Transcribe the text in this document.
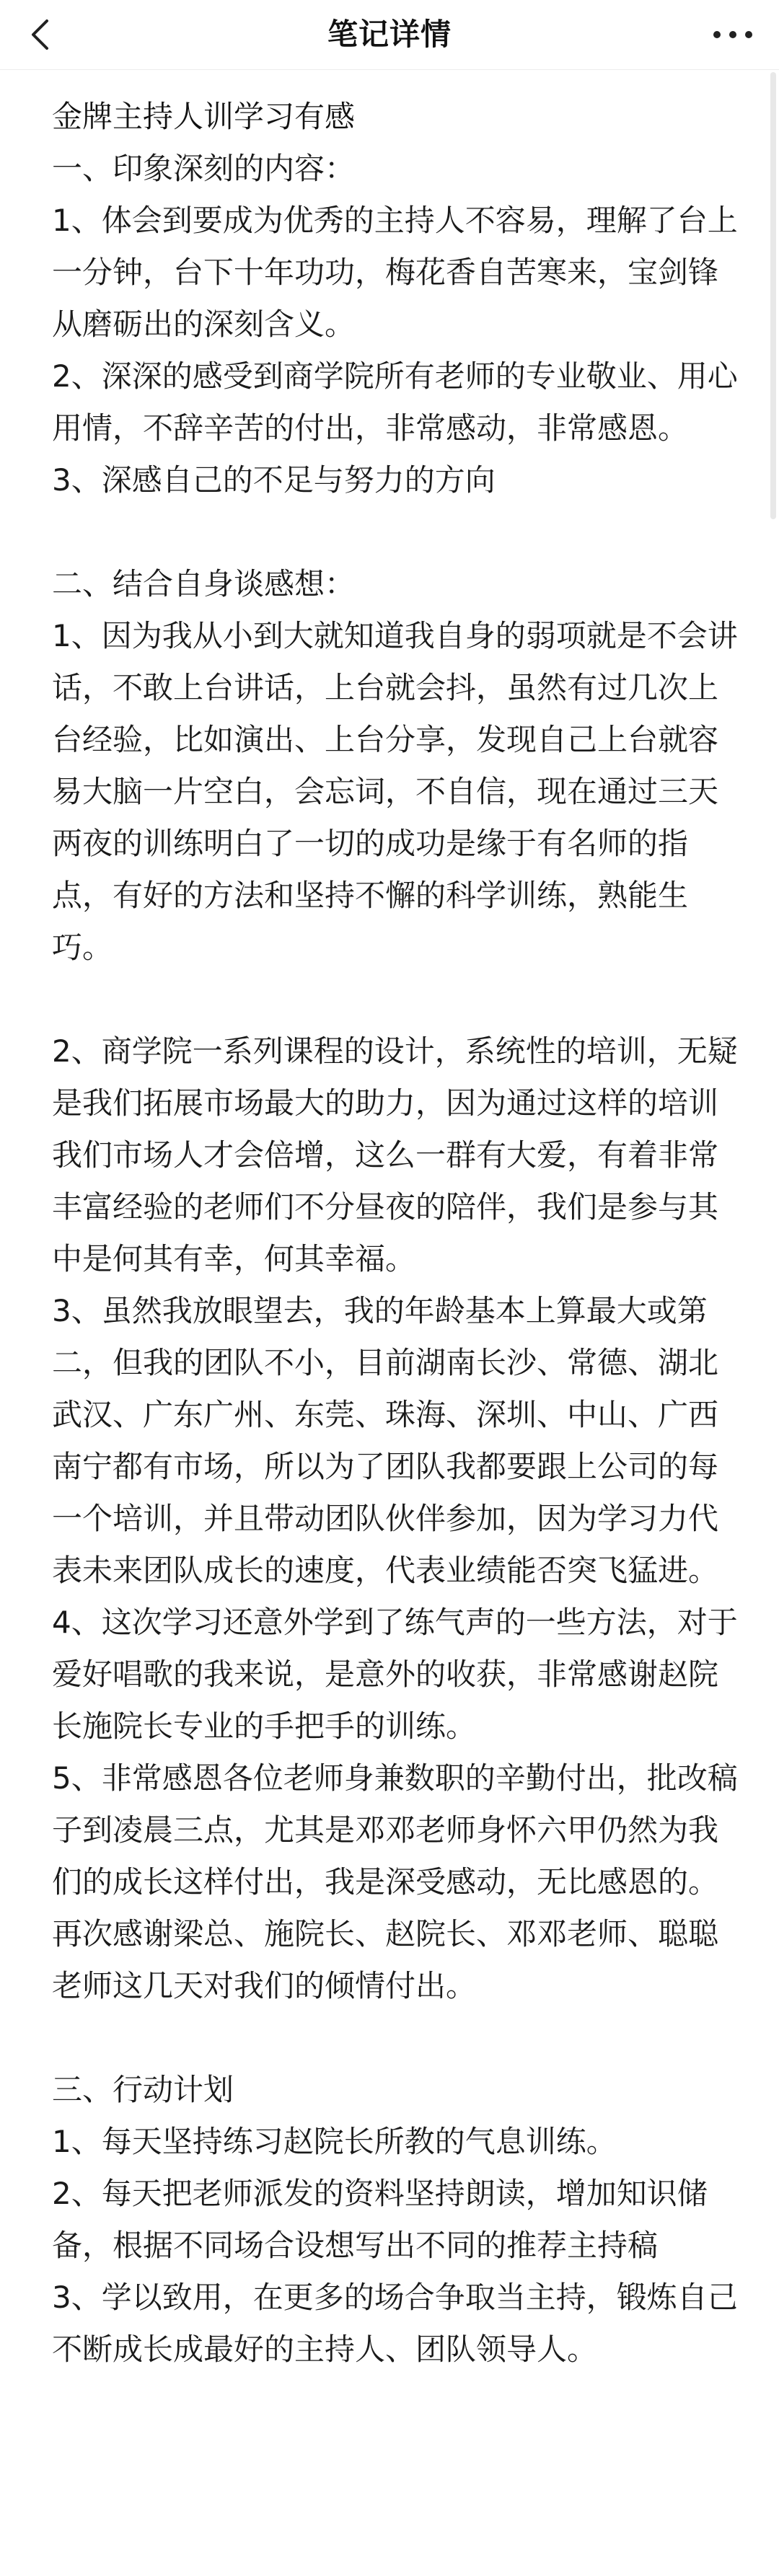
笔记详情
金牌主持人训学习有感
一、印象深刻的内容：
1、体会到要成为优秀的主持人不容易，理解了台上一分钟，台下十年功功，梅花香自苦寒来，宝剑锋从磨砺出的深刻含义。
2、深深的感受到商学院所有老师的专业敬业、用心用情，不辞辛苦的付出，非常感动，非常感恩。
3、深感自己的不足与努力的方向
二、结合自身谈感想：
1、因为我从小到大就知道我自身的弱项就是不会讲话，不敢上台讲话，上台就会抖，虽然有过几次上台经验，比如演出、上台分享，发现自己上台就容易大脑一片空白，会忘词，不自信，现在通过三天两夜的训练明白了一切的成功是缘于有名师的指点，有好的方法和坚持不懈的科学训练，熟能生巧。
2、商学院一系列课程的设计，系统性的培训，无疑是我们拓展市场最大的助力，因为通过这样的培训我们市场人才会倍增，这么一群有大爱，有着非常丰富经验的老师们不分昼夜的陪伴，我们是参与其中是何其有幸，何其幸福。
3、虽然我放眼望去，我的年龄基本上算最大或第二，但我的团队不小，目前湖南长沙、常德、湖北武汉、广东广州、东莞、珠海、深圳、中山、广西南宁都有市场，所以为了团队我都要跟上公司的每一个培训，并且带动团队伙伴参加，因为学习力代表未来团队成长的速度，代表业绩能否突飞猛进。
4、这次学习还意外学到了练气声的一些方法，对于爱好唱歌的我来说，是意外的收获，非常感谢赵院长施院长专业的手把手的训练。
5、非常感恩各位老师身兼数职的辛勤付出，批改稿子到凌晨三点，尤其是邓邓老师身怀六甲仍然为我们的成长这样付出，我是深受感动，无比感恩的。
再次感谢梁总、施院长、赵院长、邓邓老师、聪聪老师这几天对我们的倾情付出。
三、行动计划
1、每天坚持练习赵院长所教的气息训练。
2、每天把老师派发的资料坚持朗读，增加知识储备，根据不同场合设想写出不同的推荐主持稿
3、学以致用，在更多的场合争取当主持，锻炼自己不断成长成最好的主持人、团队领导人。
